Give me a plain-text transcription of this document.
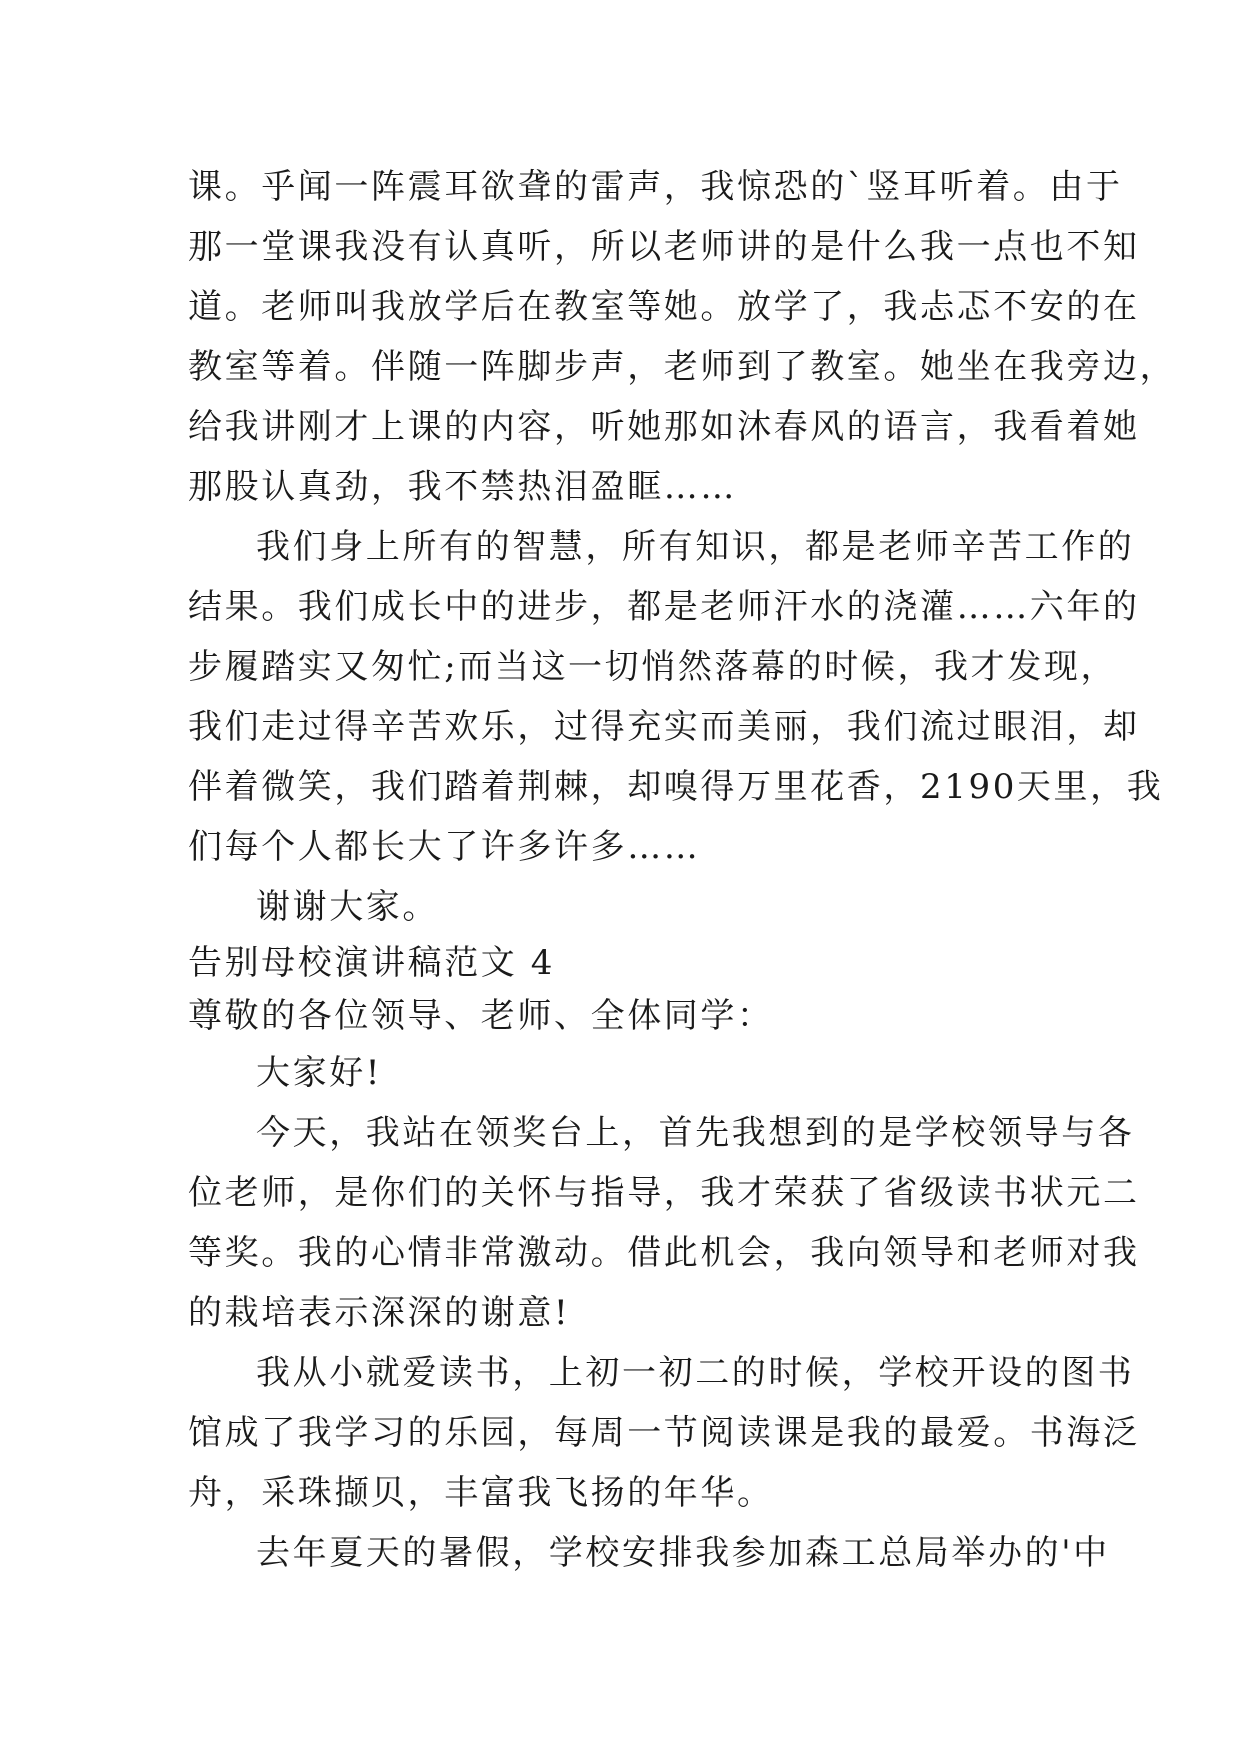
课。乎闻一阵震耳欲聋的雷声，我惊恐的`竖耳听着。由于
那一堂课我没有认真听，所以老师讲的是什么我一点也不知
道。老师叫我放学后在教室等她。放学了，我忐忑不安的在
教室等着。伴随一阵脚步声，老师到了教室。她坐在我旁边，
给我讲刚才上课的内容，听她那如沐春风的语言，我看着她
那股认真劲，我不禁热泪盈眶……
我们身上所有的智慧，所有知识，都是老师辛苦工作的
结果。我们成长中的进步，都是老师汗水的浇灌……六年的
步履踏实又匆忙;而当这一切悄然落幕的时候，我才发现，
我们走过得辛苦欢乐，过得充实而美丽，我们流过眼泪，却
伴着微笑，我们踏着荆棘，却嗅得万里花香，2190天里，我
们每个人都长大了许多许多……
谢谢大家。
告别母校演讲稿范文 4
尊敬的各位领导、老师、全体同学：
大家好!
今天，我站在领奖台上，首先我想到的是学校领导与各
位老师，是你们的关怀与指导，我才荣获了省级读书状元二
等奖。我的心情非常激动。借此机会，我向领导和老师对我
的栽培表示深深的谢意!
我从小就爱读书，上初一初二的时候，学校开设的图书
馆成了我学习的乐园，每周一节阅读课是我的最爱。书海泛
舟，采珠撷贝，丰富我飞扬的年华。
去年夏天的暑假，学校安排我参加森工总局举办的'中
